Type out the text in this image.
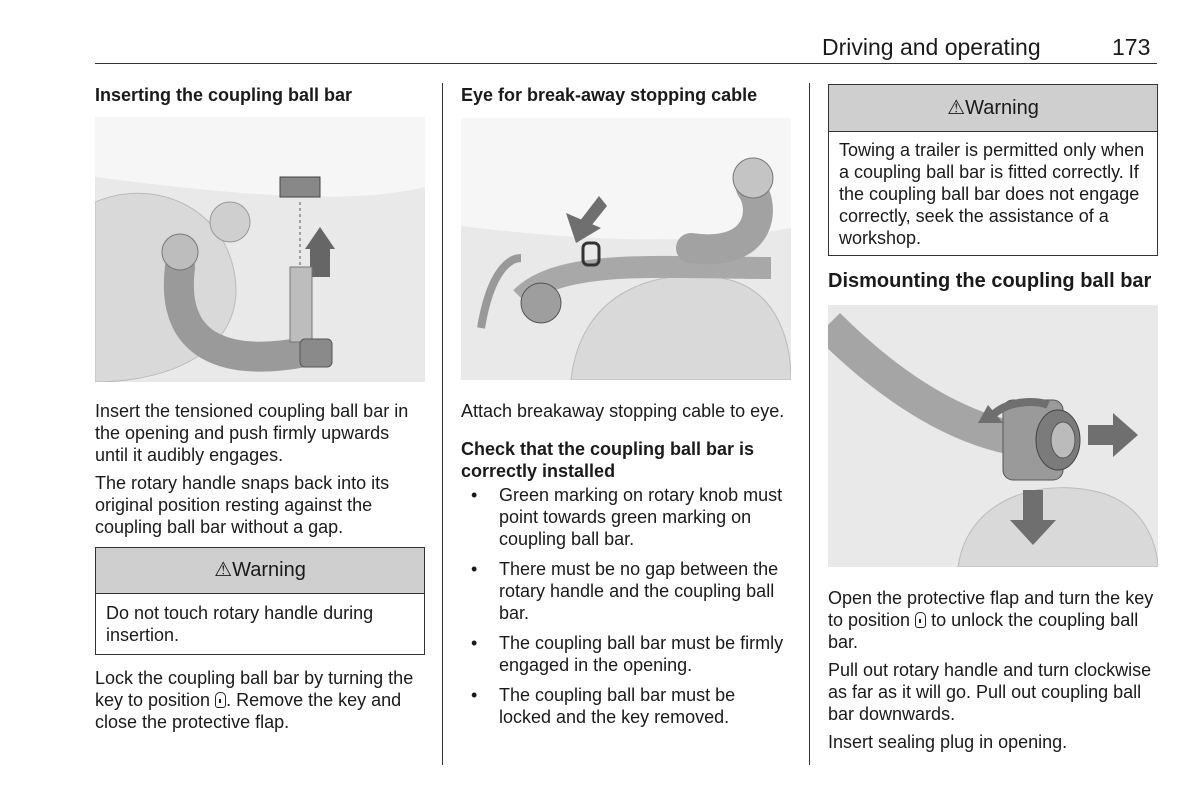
Driving and operating	173
Inserting the coupling ball bar

Insert the tensioned coupling ball bar in the opening and push firmly upwards until it audibly engages.

The rotary handle snaps back into its original position resting against the coupling ball bar without a gap.

⚠Warning
Do not touch rotary handle during insertion.

Lock the coupling ball bar by turning the key to position . Remove the key and close the protective flap.

Eye for break-away stopping cable

Attach breakaway stopping cable to eye.

Check that the coupling ball bar is correctly installed
• Green marking on rotary knob must point towards green marking on coupling ball bar.
• There must be no gap between the rotary handle and the coupling ball bar.
• The coupling ball bar must be firmly engaged in the opening.
• The coupling ball bar must be locked and the key removed.
⚠Warning
Towing a trailer is permitted only when a coupling ball bar is fitted correctly. If the coupling ball bar does not engage correctly, seek the assistance of a workshop.
Dismounting the coupling ball bar

Open the protective flap and turn the key to position  to unlock the coupling ball bar.

Pull out rotary handle and turn clockwise as far as it will go. Pull out coupling ball bar downwards.

Insert sealing plug in opening.
